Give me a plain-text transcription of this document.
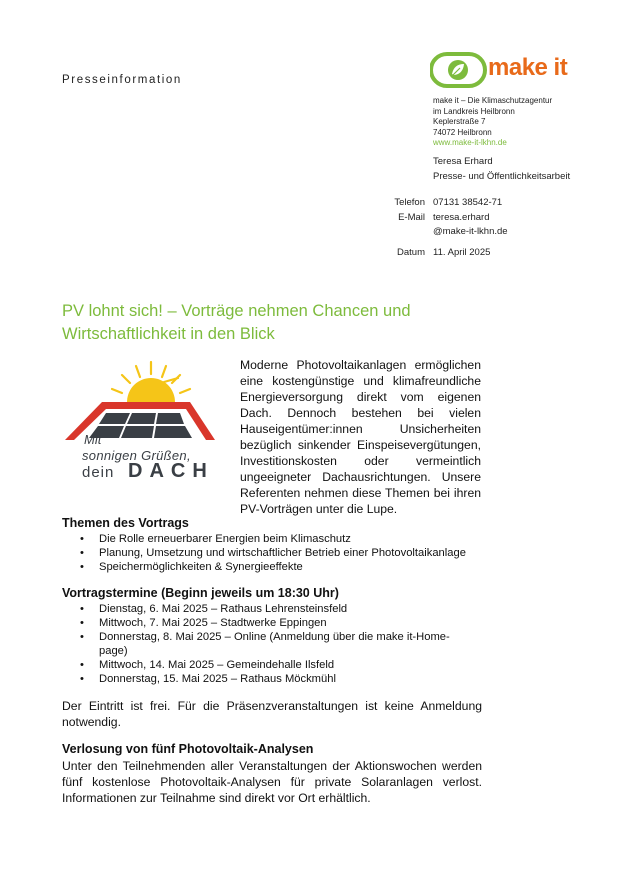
Presseinformation	make it
make it – Die Klimaschutzagentur
im Landkreis Heilbronn
Keplerstraße 7
74072 Heilbronn
www.make-it-lkhn.de
Teresa Erhard
Presse- und Öffentlichkeitsarbeit
Telefon 07131 38542-71
E-Mail teresa.erhard
@make-it-lkhn.de
Datum 11. April 2025
PV lohnt sich! – Vorträge nehmen Chancen und Wirtschaftlichkeit in den Blick
Mit
sonnigen Grüßen,
dein DACH
Moderne Photovoltaikanlagen ermöglichen eine kostengünstige und klimafreundliche Energieversorgung direkt vom eigenen Dach. Dennoch bestehen bei vielen Hauseigentümer:innen Unsicherheiten bezüglich sinkender Einspeisevergütungen, Investitionskosten oder vermeintlich ungeeigneter Dachausrichtungen. Unsere Referenten nehmen diese Themen bei ihren PV-Vorträgen unter die Lupe.
Themen des Vortrags
• Die Rolle erneuerbarer Energien beim Klimaschutz
• Planung, Umsetzung und wirtschaftlicher Betrieb einer Photovoltaikanlage
• Speichermöglichkeiten & Synergieeffekte
Vortragstermine (Beginn jeweils um 18:30 Uhr)
• Dienstag, 6. Mai 2025 – Rathaus Lehrensteinsfeld
• Mittwoch, 7. Mai 2025 – Stadtwerke Eppingen
• Donnerstag, 8. Mai 2025 – Online (Anmeldung über die make it-Home-page)
• Mittwoch, 14. Mai 2025 – Gemeindehalle Ilsfeld
• Donnerstag, 15. Mai 2025 – Rathaus Möckmühl
Der Eintritt ist frei. Für die Präsenzveranstaltungen ist keine Anmeldung notwendig.
Verlosung von fünf Photovoltaik-Analysen
Unter den Teilnehmenden aller Veranstaltungen der Aktionswochen werden fünf kostenlose Photovoltaik-Analysen für private Solaranlagen verlost. Informationen zur Teilnahme sind direkt vor Ort erhältlich.
